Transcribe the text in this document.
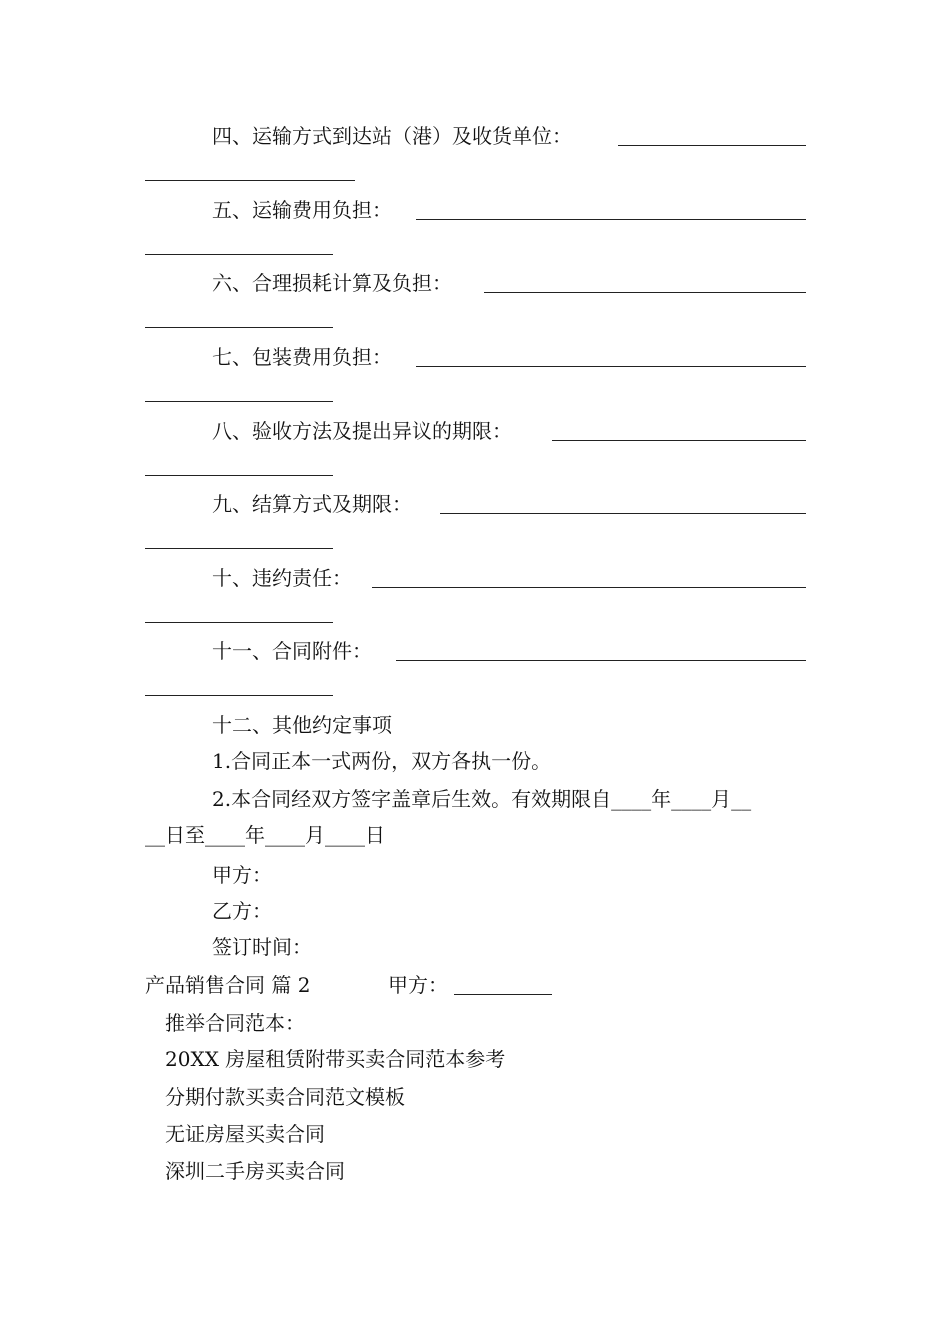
四、运输方式到达站（港）及收货单位：
五、运输费用负担：
六、合理损耗计算及负担：
七、包装费用负担：
八、验收方法及提出异议的期限：
九、结算方式及期限：
十、违约责任：
十一、合同附件：
十二、其他约定事项
1.合同正本一式两份，双方各执一份。
2.本合同经双方签字盖章后生效。有效期限自____年____月__
__日至____年____月____日
甲方：
乙方：
签订时间：
产品销售合同 篇 2	甲方：
推举合同范本：
20XX 房屋租赁附带买卖合同范本参考
分期付款买卖合同范文模板
无证房屋买卖合同
深圳二手房买卖合同
